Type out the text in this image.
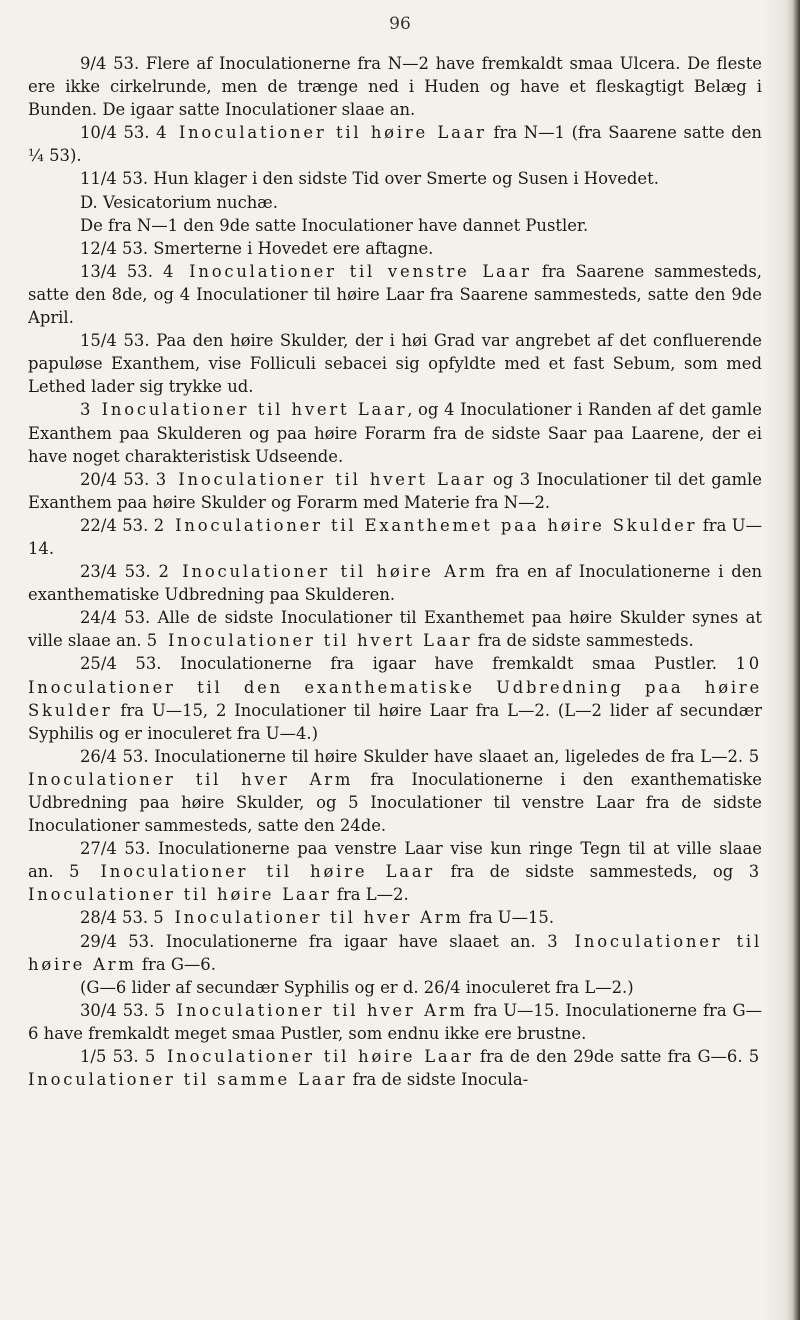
96

9/4 53. Flere af Inoculationerne fra N—2 have fremkaldt smaa Ulcera. De fleste ere ikke cirkelrunde, men de trænge ned i Huden og have et fleskagtigt Belæg i Bunden. De igaar satte Inoculationer slaae an.

10/4 53. 4 Inoculationer til høire Laar fra N—1 (fra Saarene satte den ¼ 53).

11/4 53. Hun klager i den sidste Tid over Smerte og Susen i Hovedet.

D. Vesicatorium nuchæ.

De fra N—1 den 9de satte Inoculationer have dannet Pustler.

12/4 53. Smerterne i Hovedet ere aftagne.

13/4 53. 4 Inoculationer til venstre Laar fra Saarene sammesteds, satte den 8de, og 4 Inoculationer til høire Laar fra Saarene sammesteds, satte den 9de April.

15/4 53. Paa den høire Skulder, der i høi Grad var angrebet af det confluerende papuløse Exanthem, vise Folliculi sebacei sig opfyldte med et fast Sebum, som med Lethed lader sig trykke ud.

3 Inoculationer til hvert Laar, og 4 Inoculationer i Randen af det gamle Exanthem paa Skulderen og paa høire Forarm fra de sidste Saar paa Laarene, der ei have noget charakteristisk Udseende.

20/4 53. 3 Inoculationer til hvert Laar og 3 Inoculationer til det gamle Exanthem paa høire Skulder og Forarm med Materie fra N—2.

22/4 53. 2 Inoculationer til Exanthemet paa høire Skulder fra U—14.

23/4 53. 2 Inoculationer til høire Arm fra en af Inoculationerne i den exanthematiske Udbredning paa Skulderen.

24/4 53. Alle de sidste Inoculationer til Exanthemet paa høire Skulder synes at ville slaae an. 5 Inoculationer til hvert Laar fra de sidste sammesteds.

25/4 53. Inoculationerne fra igaar have fremkaldt smaa Pustler. 10 Inoculationer til den exanthematiske Udbredning paa høire Skulder fra U—15, 2 Inoculationer til høire Laar fra L—2. (L—2 lider af secundær Syphilis og er inoculeret fra U—4.)

26/4 53. Inoculationerne til høire Skulder have slaaet an, ligeledes de fra L—2. 5 Inoculationer til hver Arm fra Inoculationerne i den exanthematiske Udbredning paa høire Skulder, og 5 Inoculationer til venstre Laar fra de sidste Inoculationer sammesteds, satte den 24de.

27/4 53. Inoculationerne paa venstre Laar vise kun ringe Tegn til at ville slaae an. 5 Inoculationer til høire Laar fra de sidste sammesteds, og 3 Inoculationer til høire Laar fra L—2.

28/4 53. 5 Inoculationer til hver Arm fra U—15.

29/4 53. Inoculationerne fra igaar have slaaet an. 3 Inoculationer til høire Arm fra G—6.

(G—6 lider af secundær Syphilis og er d. 26/4 inoculeret fra L—2.)

30/4 53. 5 Inoculationer til hver Arm fra U—15. Inoculationerne fra G—6 have fremkaldt meget smaa Pustler, som endnu ikke ere brustne.

1/5 53. 5 Inoculationer til høire Laar fra de den 29de satte fra G—6. 5 Inoculationer til samme Laar fra de sidste Inocula-
